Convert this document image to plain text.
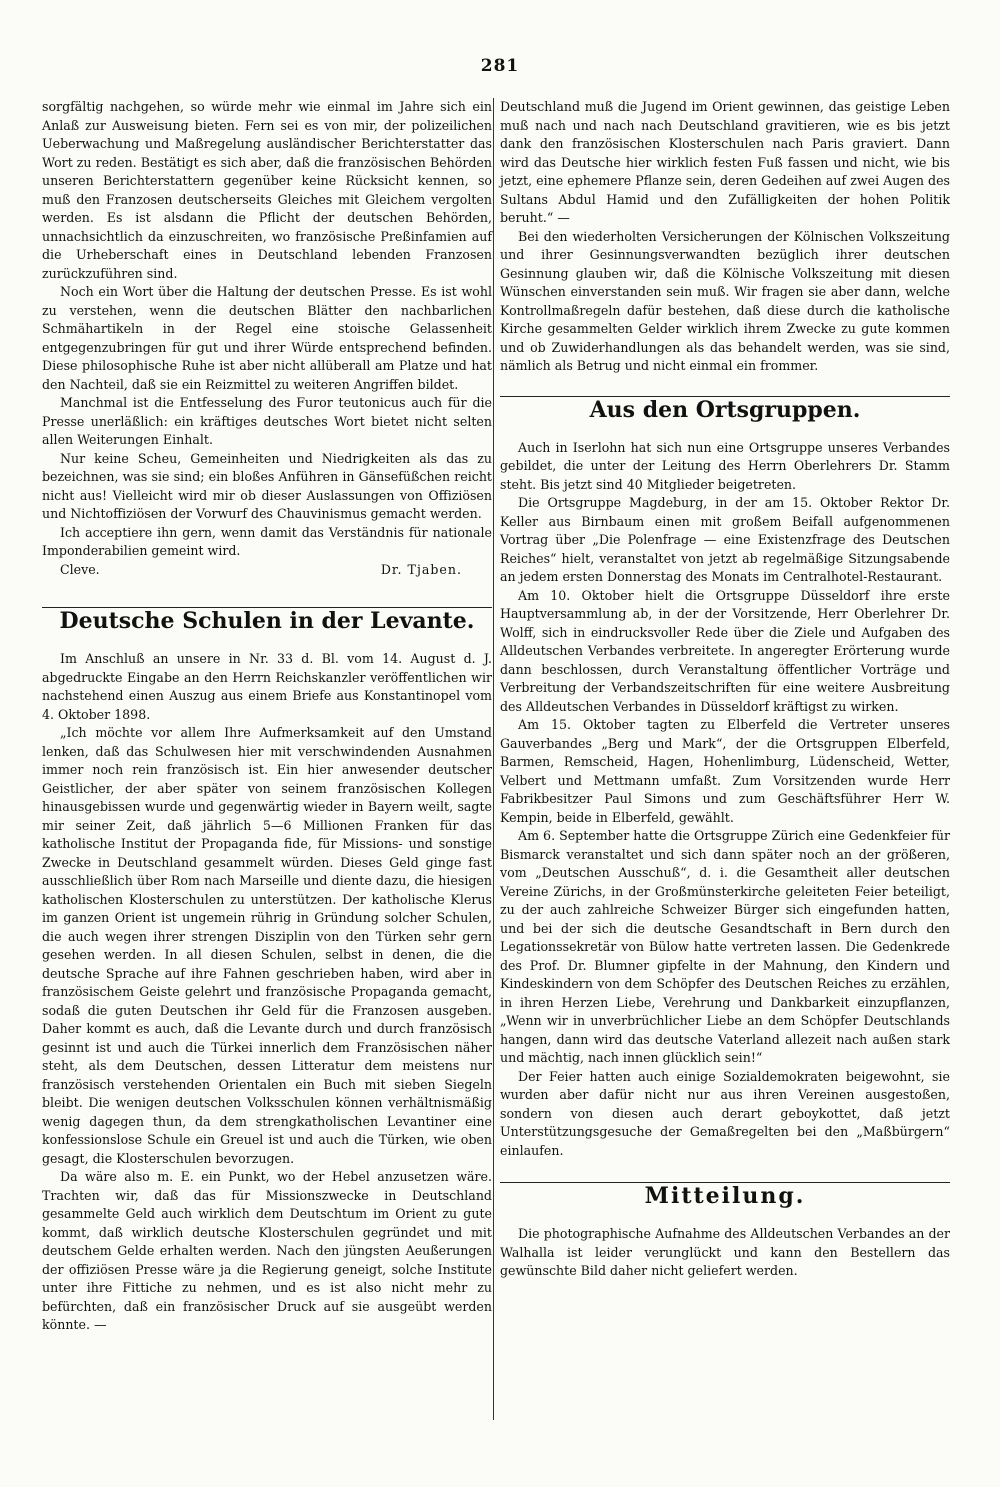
281

sorgfältig nachgehen, so würde mehr wie einmal im Jahre sich ein Anlaß zur Ausweisung bieten. Fern sei es von mir, der polizeilichen Ueberwachung und Maßregelung ausländischer Berichterstatter das Wort zu reden. Bestätigt es sich aber, daß die französischen Behörden unseren Berichterstattern gegenüber keine Rücksicht kennen, so muß den Franzosen deutscherseits Gleiches mit Gleichem vergolten werden. Es ist alsdann die Pflicht der deutschen Behörden, unnachsichtlich da einzuschreiten, wo französische Preßinfamien auf die Urheberschaft eines in Deutschland lebenden Franzosen zurückzuführen sind.

Noch ein Wort über die Haltung der deutschen Presse. Es ist wohl zu verstehen, wenn die deutschen Blätter den nachbarlichen Schmähartikeln in der Regel eine stoische Gelassenheit entgegenzubringen für gut und ihrer Würde entsprechend befinden. Diese philosophische Ruhe ist aber nicht allüberall am Platze und hat den Nachteil, daß sie ein Reizmittel zu weiteren Angriffen bildet.

Manchmal ist die Entfesselung des Furor teutonicus auch für die Presse unerläßlich: ein kräftiges deutsches Wort bietet nicht selten allen Weiterungen Einhalt.

Nur keine Scheu, Gemeinheiten und Niedrigkeiten als das zu bezeichnen, was sie sind; ein bloßes Anführen in Gänsefüßchen reicht nicht aus! Vielleicht wird mir ob dieser Auslassungen von Offiziösen und Nichtoffiziösen der Vorwurf des Chauvinismus gemacht werden.

Ich acceptiere ihn gern, wenn damit das Verständnis für nationale Imponderabilien gemeint wird.

Cleve.	Dr. Tjaben.
Deutsche Schulen in der Levante.

Im Anschluß an unsere in Nr. 33 d. Bl. vom 14. August d. J. abgedruckte Eingabe an den Herrn Reichskanzler veröffentlichen wir nachstehend einen Auszug aus einem Briefe aus Konstantinopel vom 4. Oktober 1898.

„Ich möchte vor allem Ihre Aufmerksamkeit auf den Umstand lenken, daß das Schulwesen hier mit verschwindenden Ausnahmen immer noch rein französisch ist. Ein hier anwesender deutscher Geistlicher, der aber später von seinem französischen Kollegen hinausgebissen wurde und gegenwärtig wieder in Bayern weilt, sagte mir seiner Zeit, daß jährlich 5—6 Millionen Franken für das katholische Institut der Propaganda fide, für Missions- und sonstige Zwecke in Deutschland gesammelt würden. Dieses Geld ginge fast ausschließlich über Rom nach Marseille und diente dazu, die hiesigen katholischen Klosterschulen zu unterstützen. Der katholische Klerus im ganzen Orient ist ungemein rührig in Gründung solcher Schulen, die auch wegen ihrer strengen Disziplin von den Türken sehr gern gesehen werden. In all diesen Schulen, selbst in denen, die die deutsche Sprache auf ihre Fahnen geschrieben haben, wird aber in französischem Geiste gelehrt und französische Propaganda gemacht, sodaß die guten Deutschen ihr Geld für die Franzosen ausgeben. Daher kommt es auch, daß die Levante durch und durch französisch gesinnt ist und auch die Türkei innerlich dem Französischen näher steht, als dem Deutschen, dessen Litteratur dem meistens nur französisch verstehenden Orientalen ein Buch mit sieben Siegeln bleibt. Die wenigen deutschen Volksschulen können verhältnismäßig wenig dagegen thun, da dem strengkatholischen Levantiner eine konfessionslose Schule ein Greuel ist und auch die Türken, wie oben gesagt, die Klosterschulen bevorzugen.

Da wäre also m. E. ein Punkt, wo der Hebel anzusetzen wäre. Trachten wir, daß das für Missionszwecke in Deutschland gesammelte Geld auch wirklich dem Deutschtum im Orient zu gute kommt, daß wirklich deutsche Klosterschulen gegründet und mit deutschem Gelde erhalten werden. Nach den jüngsten Aeußerungen der offiziösen Presse wäre ja die Regierung geneigt, solche Institute unter ihre Fittiche zu nehmen, und es ist also nicht mehr zu befürchten, daß ein französischer Druck auf sie ausgeübt werden könnte. —

Deutschland muß die Jugend im Orient gewinnen, das geistige Leben muß nach und nach nach Deutschland gravitieren, wie es bis jetzt dank den französischen Klosterschulen nach Paris graviert. Dann wird das Deutsche hier wirklich festen Fuß fassen und nicht, wie bis jetzt, eine ephemere Pflanze sein, deren Gedeihen auf zwei Augen des Sultans Abdul Hamid und den Zufälligkeiten der hohen Politik beruht.“ —

Bei den wiederholten Versicherungen der Kölnischen Volkszeitung und ihrer Gesinnungsverwandten bezüglich ihrer deutschen Gesinnung glauben wir, daß die Kölnische Volkszeitung mit diesen Wünschen einverstanden sein muß. Wir fragen sie aber dann, welche Kontrollmaßregeln dafür bestehen, daß diese durch die katholische Kirche gesammelten Gelder wirklich ihrem Zwecke zu gute kommen und ob Zuwiderhandlungen als das behandelt werden, was sie sind, nämlich als Betrug und nicht einmal ein frommer.

Aus den Ortsgruppen.

Auch in Iserlohn hat sich nun eine Ortsgruppe unseres Verbandes gebildet, die unter der Leitung des Herrn Oberlehrers Dr. Stamm steht. Bis jetzt sind 40 Mitglieder beigetreten.

Die Ortsgruppe Magdeburg, in der am 15. Oktober Rektor Dr. Keller aus Birnbaum einen mit großem Beifall aufgenommenen Vortrag über „Die Polenfrage — eine Existenzfrage des Deutschen Reiches“ hielt, veranstaltet von jetzt ab regelmäßige Sitzungsabende an jedem ersten Donnerstag des Monats im Centralhotel-Restaurant.

Am 10. Oktober hielt die Ortsgruppe Düsseldorf ihre erste Hauptversammlung ab, in der der Vorsitzende, Herr Oberlehrer Dr. Wolff, sich in eindrucksvoller Rede über die Ziele und Aufgaben des Alldeutschen Verbandes verbreitete. In angeregter Erörterung wurde dann beschlossen, durch Veranstaltung öffentlicher Vorträge und Verbreitung der Verbandszeitschriften für eine weitere Ausbreitung des Alldeutschen Verbandes in Düsseldorf kräftigst zu wirken.

Am 15. Oktober tagten zu Elberfeld die Vertreter unseres Gauverbandes „Berg und Mark“, der die Ortsgruppen Elberfeld, Barmen, Remscheid, Hagen, Hohenlimburg, Lüdenscheid, Wetter, Velbert und Mettmann umfaßt. Zum Vorsitzenden wurde Herr Fabrikbesitzer Paul Simons und zum Geschäftsführer Herr W. Kempin, beide in Elberfeld, gewählt.

Am 6. September hatte die Ortsgruppe Zürich eine Gedenkfeier für Bismarck veranstaltet und sich dann später noch an der größeren, vom „Deutschen Ausschuß“, d. i. die Gesamtheit aller deutschen Vereine Zürichs, in der Großmünsterkirche geleiteten Feier beteiligt, zu der auch zahlreiche Schweizer Bürger sich eingefunden hatten, und bei der sich die deutsche Gesandtschaft in Bern durch den Legationssekretär von Bülow hatte vertreten lassen. Die Gedenkrede des Prof. Dr. Blumner gipfelte in der Mahnung, den Kindern und Kindeskindern von dem Schöpfer des Deutschen Reiches zu erzählen, in ihren Herzen Liebe, Verehrung und Dankbarkeit einzupflanzen, „Wenn wir in unverbrüchlicher Liebe an dem Schöpfer Deutschlands hangen, dann wird das deutsche Vaterland allezeit nach außen stark und mächtig, nach innen glücklich sein!“

Der Feier hatten auch einige Sozialdemokraten beigewohnt, sie wurden aber dafür nicht nur aus ihren Vereinen ausgestoßen, sondern von diesen auch derart geboykottet, daß jetzt Unterstützungsgesuche der Gemaßregelten bei den „Maßbürgern“ einlaufen.

Mitteilung.

Die photographische Aufnahme des Alldeutschen Verbandes an der Walhalla ist leider verunglückt und kann den Bestellern das gewünschte Bild daher nicht geliefert werden.
